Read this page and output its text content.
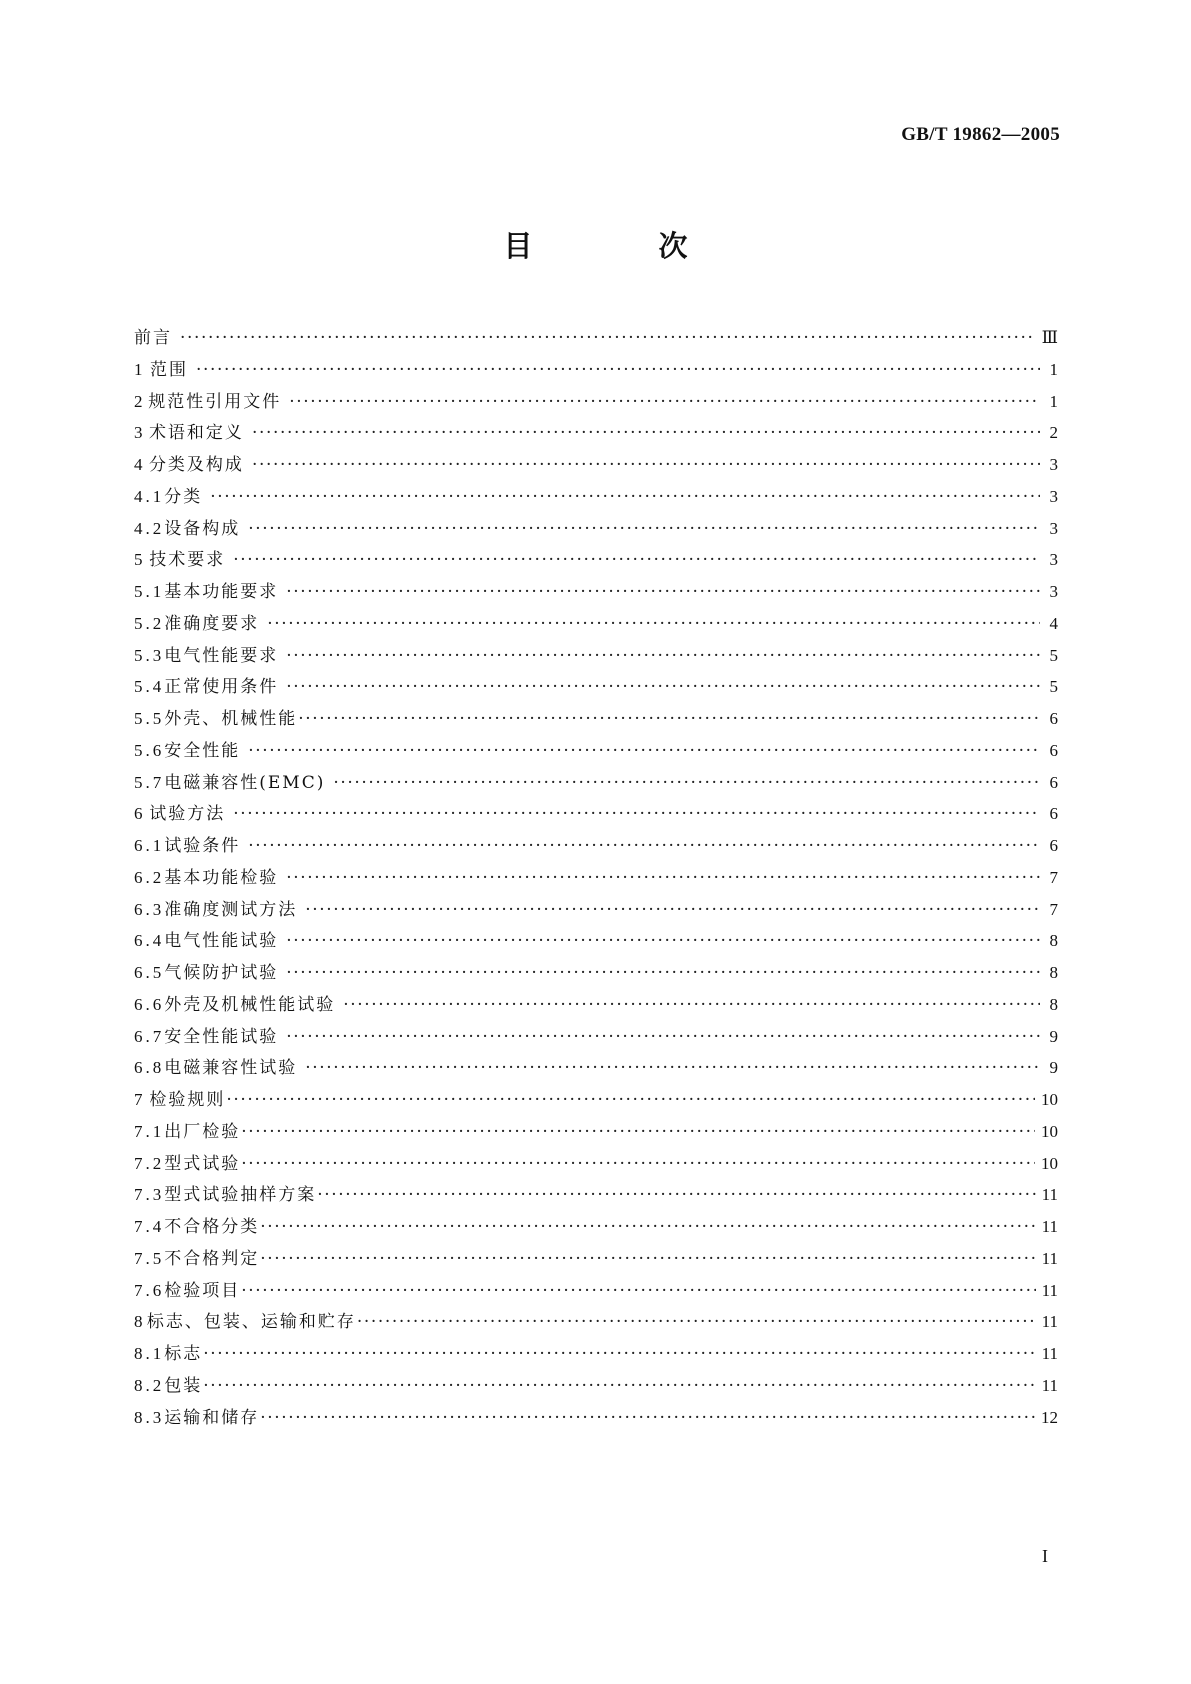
GB/T 19862—2005
目 次
前言 ·····	Ⅲ
1 范围 ·····	1
2 规范性引用文件 ·····	1
3 术语和定义 ·····	2
4 分类及构成 ·····	3
4.1 分类 ·····	3
4.2 设备构成 ·····	3
5 技术要求 ·····	3
5.1 基本功能要求 ·····	3
5.2 准确度要求 ·····	4
5.3 电气性能要求 ·····	5
5.4 正常使用条件 ·····	5
5.5 外壳、机械性能 ·····	6
5.6 安全性能 ·····	6
5.7 电磁兼容性(EMC) ·····	6
6 试验方法 ·····	6
6.1 试验条件 ·····	6
6.2 基本功能检验 ·····	7
6.3 准确度测试方法 ·····	7
6.4 电气性能试验 ·····	8
6.5 气候防护试验 ·····	8
6.6 外壳及机械性能试验 ·····	8
6.7 安全性能试验 ·····	9
6.8 电磁兼容性试验 ·····	9
7 检验规则 ·····	10
7.1 出厂检验 ·····	10
7.2 型式试验 ·····	10
7.3 型式试验抽样方案 ·····	11
7.4 不合格分类 ·····	11
7.5 不合格判定 ·····	11
7.6 检验项目 ·····	11
8 标志、包装、运输和贮存 ·····	11
8.1 标志 ·····	11
8.2 包装 ·····	11
8.3 运输和储存 ·····	12
I
